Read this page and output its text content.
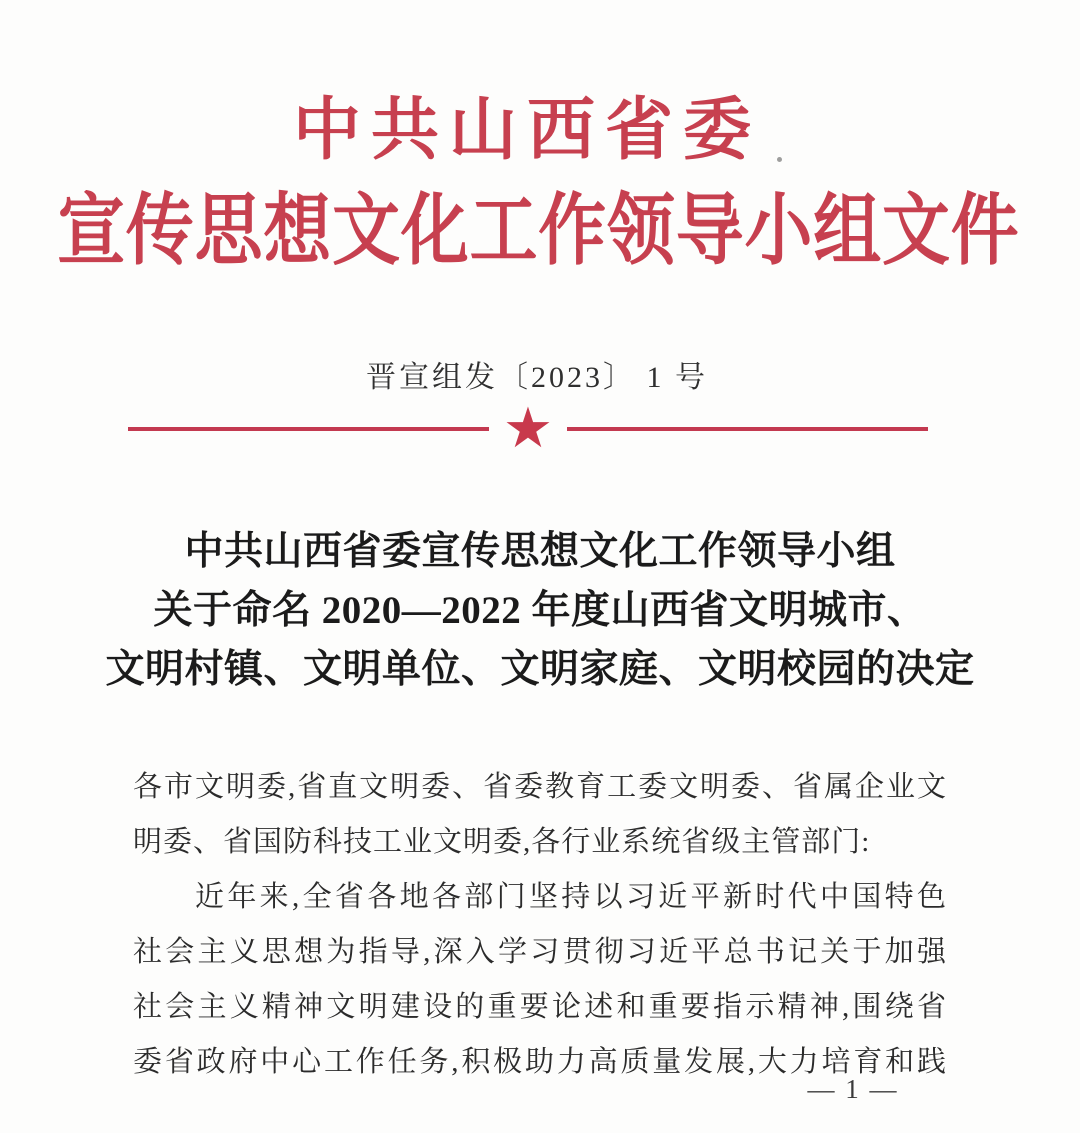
中共山西省委
宣传思想文化工作领导小组文件
晋宣组发〔2023〕 1 号
★
中共山西省委宣传思想文化工作领导小组
关于命名 2020—2022 年度山西省文明城市、
文明村镇、文明单位、文明家庭、文明校园的决定
各市文明委,省直文明委、省委教育工委文明委、省属企业文
明委、省国防科技工业文明委,各行业系统省级主管部门:
近年来,全省各地各部门坚持以习近平新时代中国特色
社会主义思想为指导,深入学习贯彻习近平总书记关于加强
社会主义精神文明建设的重要论述和重要指示精神,围绕省
委省政府中心工作任务,积极助力高质量发展,大力培育和践
— 1 —
